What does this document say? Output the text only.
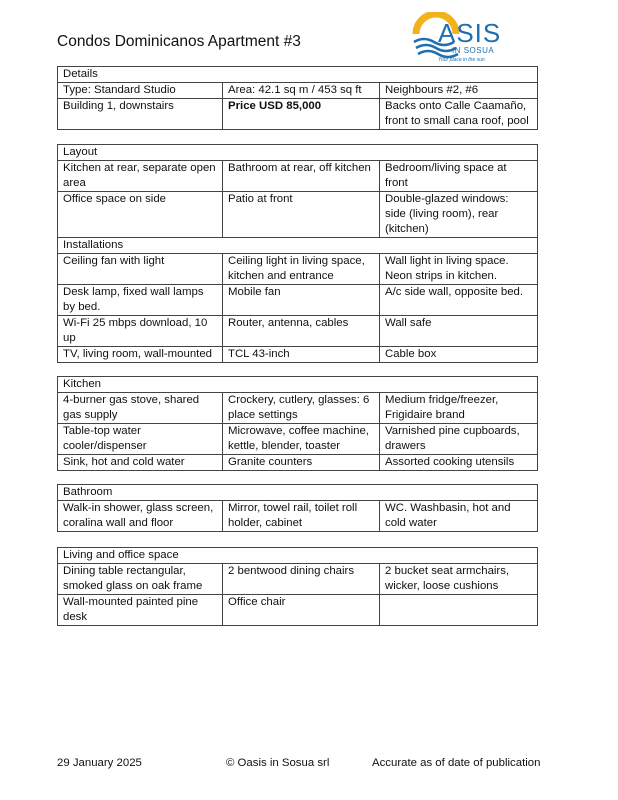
Condos Dominicanos Apartment #3	ASIS
IN SOSUA
Your place in the sun
Details		
Type: Standard Studio	Area: 42.1 sq m / 453 sq ft	Neighbours #2, #6
Building 1, downstairs	Price USD 85,000	Backs onto Calle Caamaño, front to small cana roof, pool
Layout		
Kitchen at rear, separate open area	Bathroom at rear, off kitchen	Bedroom/living space at front
Office space on side	Patio at front	Double-glazed windows: side (living room), rear (kitchen)
Installations		
Ceiling fan with light	Ceiling light in living space, kitchen and entrance	Wall light in living space. Neon strips in kitchen.
Desk lamp, fixed wall lamps by bed.	Mobile fan	A/c side wall, opposite bed.
Wi-Fi 25 mbps download, 10 up	Router, antenna, cables	Wall safe
TV, living room, wall-mounted	TCL 43-inch	Cable box
Kitchen		
4-burner gas stove, shared gas supply	Crockery, cutlery, glasses: 6 place settings	Medium fridge/freezer, Frigidaire brand
Table-top water cooler/dispenser	Microwave, coffee machine, kettle, blender, toaster	Varnished pine cupboards, drawers
Sink, hot and cold water	Granite counters	Assorted cooking utensils
Bathroom
Walk-in shower, glass screen, coralina wall and floor	Mirror, towel rail, toilet roll holder, cabinet	WC. Washbasin, hot and cold water
Living and office space		
Dining table rectangular, smoked glass on oak frame	2 bentwood dining chairs	2 bucket seat armchairs, wicker, loose cushions
Wall-mounted painted pine desk	Office chair	
29 January 2025	© Oasis in Sosua srl	Accurate as of date of publication
